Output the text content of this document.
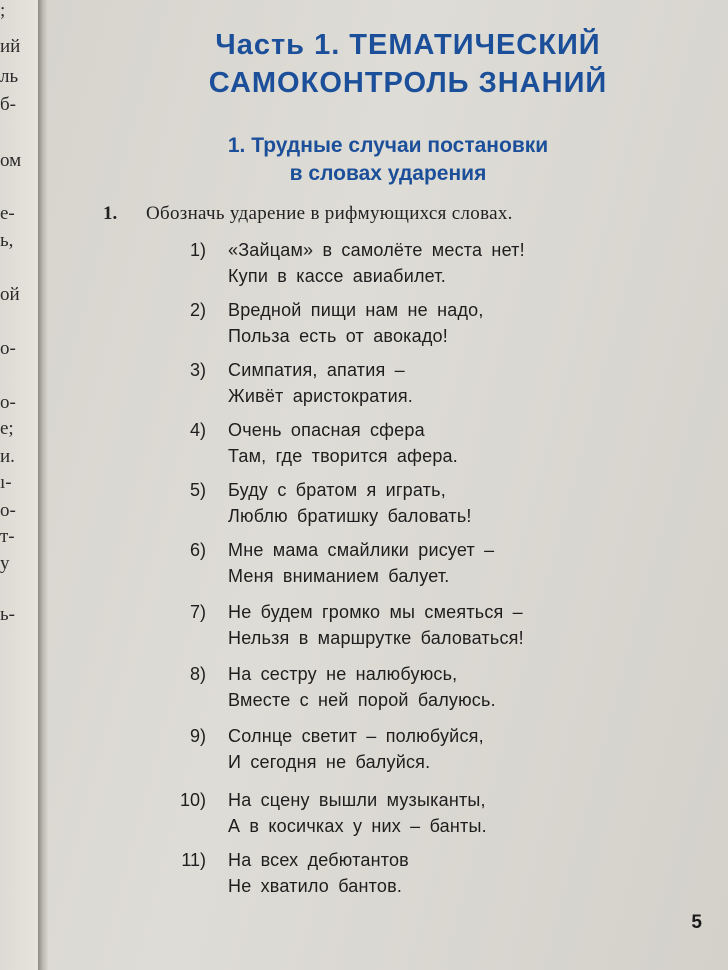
;
ий
ль
б-
ом
е-
ь,
ой
о-
о-
е;
и.
ı-
о-
т-
у
ь-
Часть 1. ТЕМАТИЧЕСКИЙ
САМОКОНТРОЛЬ ЗНАНИЙ
1. Трудные случаи постановки
в словах ударения
1. Обозначь ударение в рифмующихся словах.
1) «Зайцам» в самолёте места нет!
Купи в кассе авиабилет.
2) Вредной пищи нам не надо,
Польза есть от авокадо!
3) Симпатия, апатия –
Живёт аристократия.
4) Очень опасная сфера
Там, где творится афера.
5) Буду с братом я играть,
Люблю братишку баловать!
6) Мне мама смайлики рисует –
Меня вниманием балует.
7) Не будем громко мы смеяться –
Нельзя в маршрутке баловаться!
8) На сестру не налюбуюсь,
Вместе с ней порой балуюсь.
9) Солнце светит – полюбуйся,
И сегодня не балуйся.
10) На сцену вышли музыканты,
А в косичках у них – банты.
11) На всех дебютантов
Не хватило бантов.
5
